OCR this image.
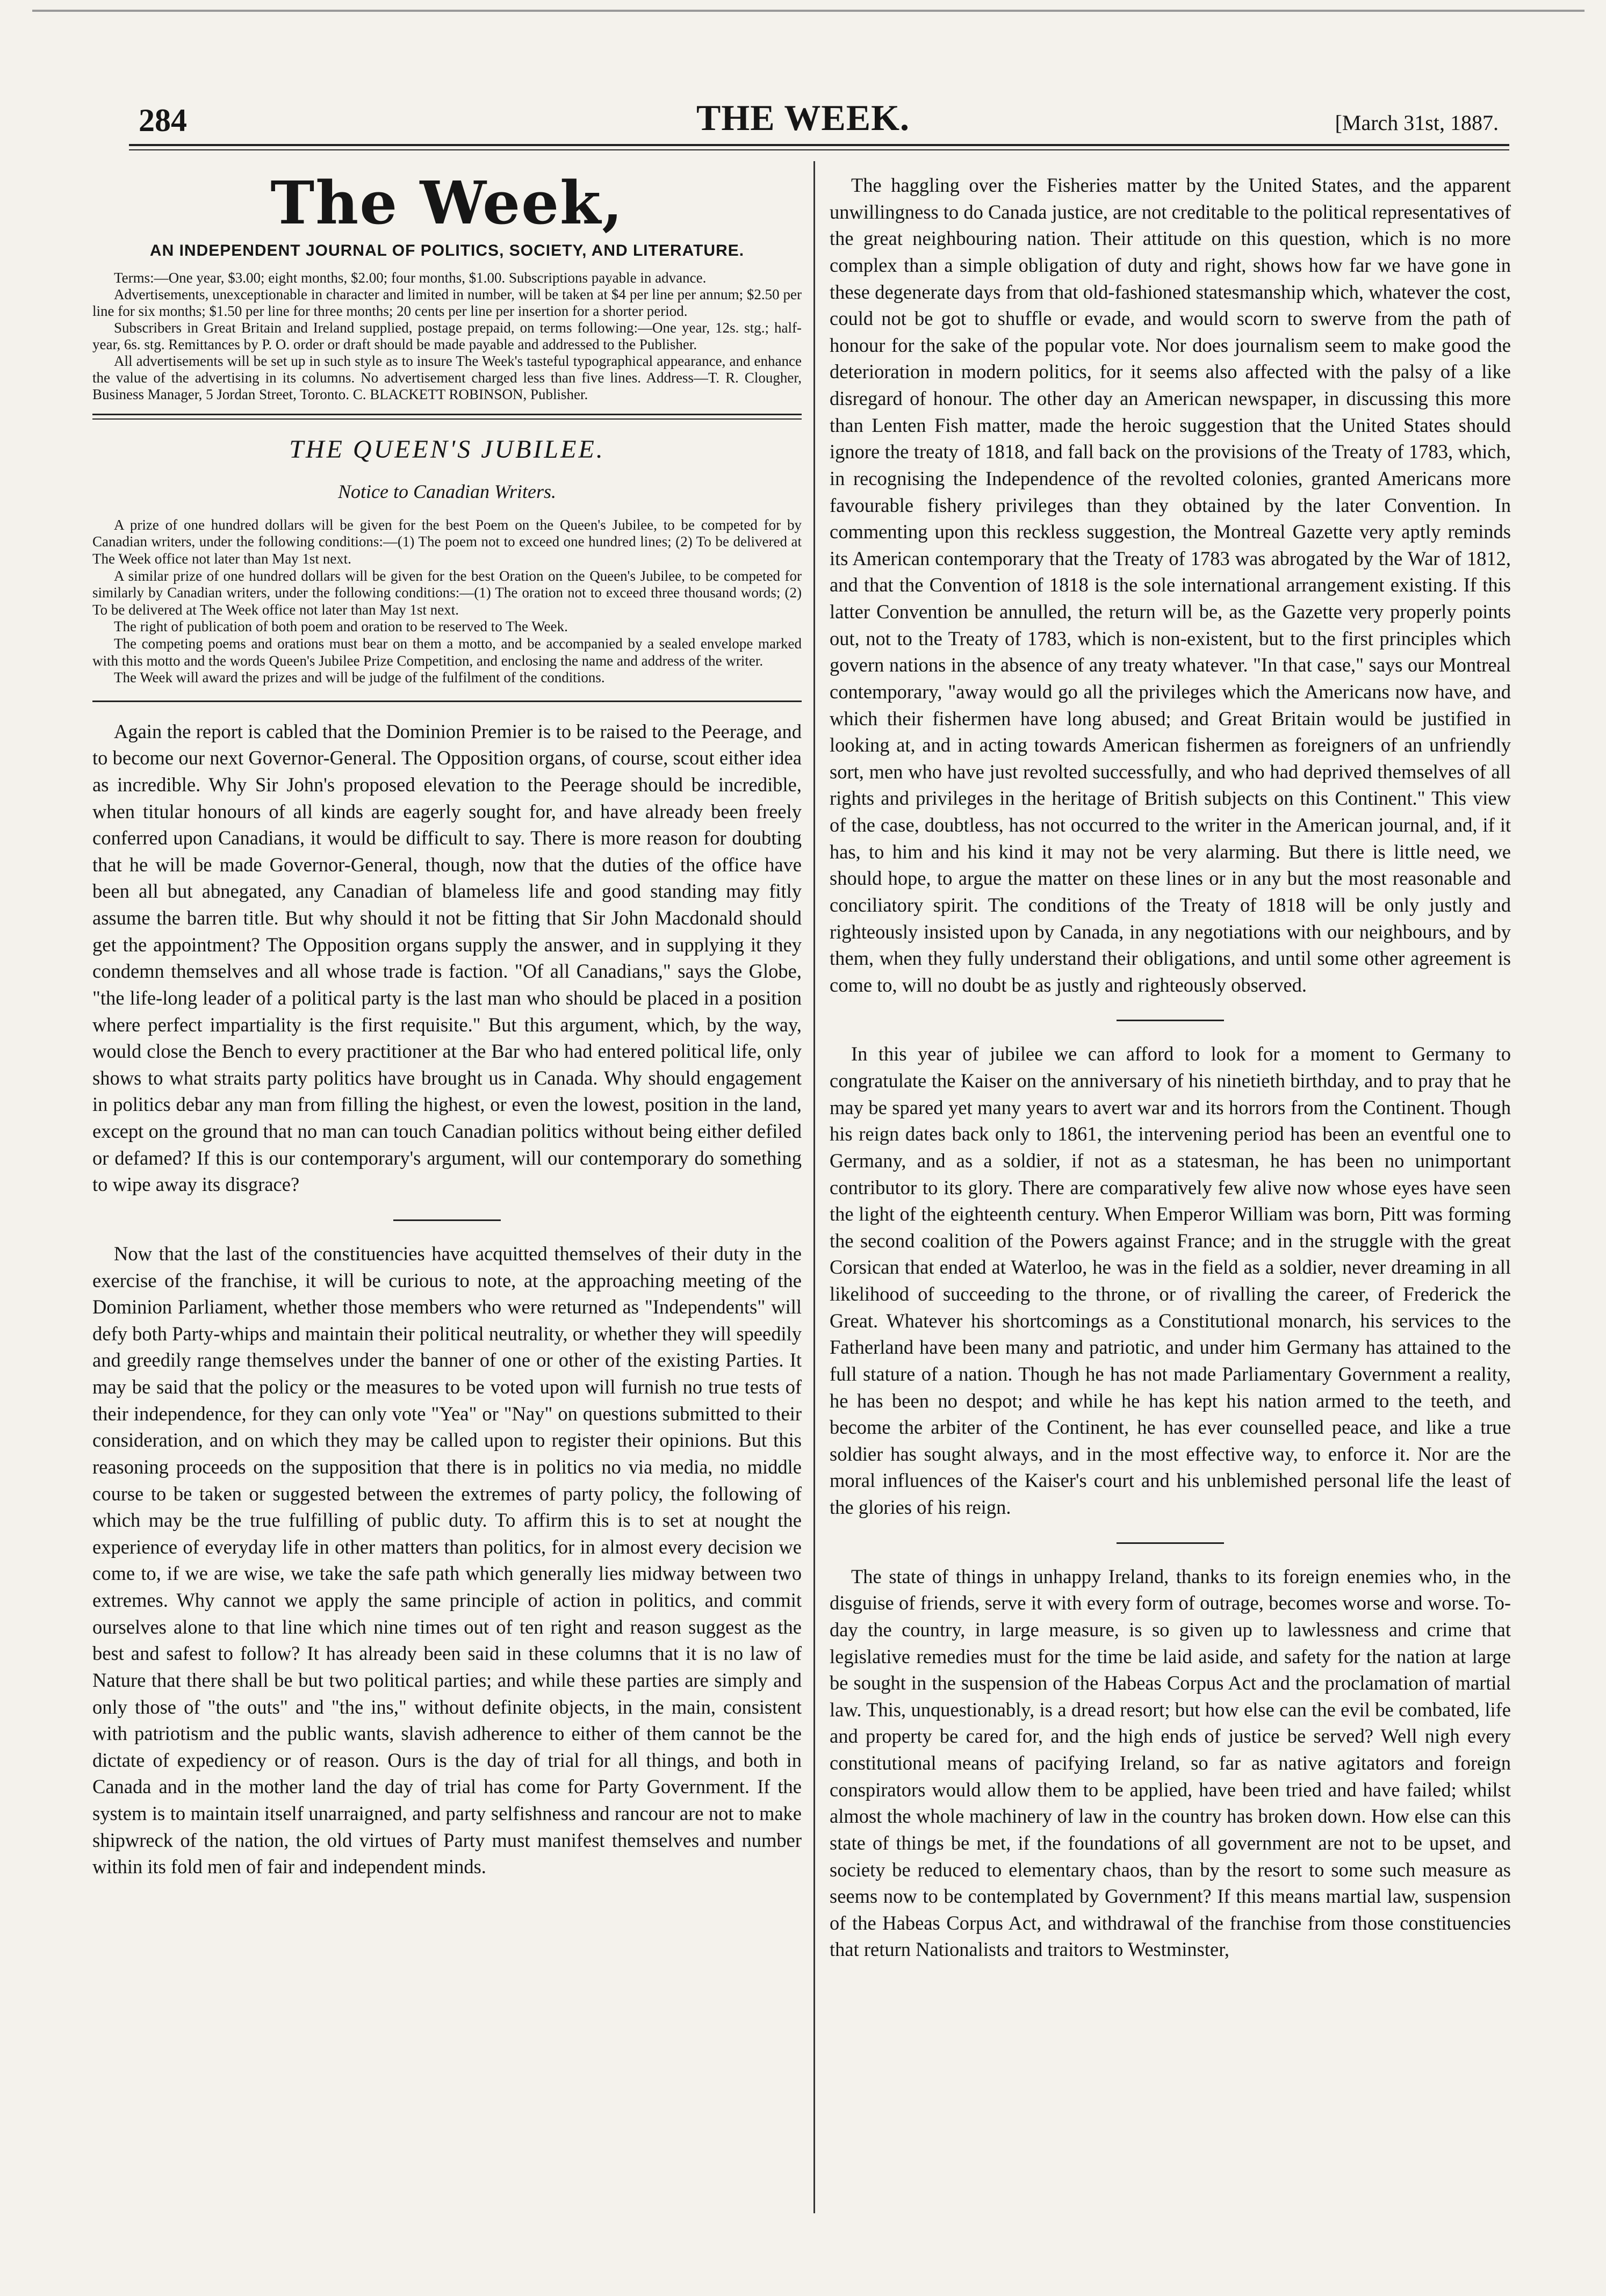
284	THE WEEK.	[March 31st, 1887.
The Week,
AN INDEPENDENT JOURNAL OF POLITICS, SOCIETY, AND LITERATURE.

Terms:—One year, $3.00; eight months, $2.00; four months, $1.00. Subscriptions payable in advance.

Advertisements, unexceptionable in character and limited in number, will be taken at $4 per line per annum; $2.50 per line for six months; $1.50 per line for three months; 20 cents per line per insertion for a shorter period.

Subscribers in Great Britain and Ireland supplied, postage prepaid, on terms following:—One year, 12s. stg.; half-year, 6s. stg. Remittances by P. O. order or draft should be made payable and addressed to the Publisher.

All advertisements will be set up in such style as to insure The Week's tasteful typographical appearance, and enhance the value of the advertising in its columns. No advertisement charged less than five lines. Address—T. R. Clougher, Business Manager, 5 Jordan Street, Toronto. C. BLACKETT ROBINSON, Publisher.

THE QUEEN'S JUBILEE.
Notice to Canadian Writers.

A prize of one hundred dollars will be given for the best Poem on the Queen's Jubilee, to be competed for by Canadian writers, under the following conditions:—(1) The poem not to exceed one hundred lines; (2) To be delivered at The Week office not later than May 1st next.

A similar prize of one hundred dollars will be given for the best Oration on the Queen's Jubilee, to be competed for similarly by Canadian writers, under the following conditions:—(1) The oration not to exceed three thousand words; (2) To be delivered at The Week office not later than May 1st next.

The right of publication of both poem and oration to be reserved to The Week.

The competing poems and orations must bear on them a motto, and be accompanied by a sealed envelope marked with this motto and the words Queen's Jubilee Prize Competition, and enclosing the name and address of the writer.

The Week will award the prizes and will be judge of the fulfilment of the conditions.

Again the report is cabled that the Dominion Premier is to be raised to the Peerage, and to become our next Governor-General. The Opposition organs, of course, scout either idea as incredible. Why Sir John's proposed elevation to the Peerage should be incredible, when titular honours of all kinds are eagerly sought for, and have already been freely conferred upon Canadians, it would be difficult to say. There is more reason for doubting that he will be made Governor-General, though, now that the duties of the office have been all but abnegated, any Canadian of blameless life and good standing may fitly assume the barren title. But why should it not be fitting that Sir John Macdonald should get the appointment? The Opposition organs supply the answer, and in supplying it they condemn themselves and all whose trade is faction. "Of all Canadians," says the Globe, "the life-long leader of a political party is the last man who should be placed in a position where perfect impartiality is the first requisite." But this argument, which, by the way, would close the Bench to every practitioner at the Bar who had entered political life, only shows to what straits party politics have brought us in Canada. Why should engagement in politics debar any man from filling the highest, or even the lowest, position in the land, except on the ground that no man can touch Canadian politics without being either defiled or defamed? If this is our contemporary's argument, will our contemporary do something to wipe away its disgrace?

Now that the last of the constituencies have acquitted themselves of their duty in the exercise of the franchise, it will be curious to note, at the approaching meeting of the Dominion Parliament, whether those members who were returned as "Independents" will defy both Party-whips and maintain their political neutrality, or whether they will speedily and greedily range themselves under the banner of one or other of the existing Parties. It may be said that the policy or the measures to be voted upon will furnish no true tests of their independence, for they can only vote "Yea" or "Nay" on questions submitted to their consideration, and on which they may be called upon to register their opinions. But this reasoning proceeds on the supposition that there is in politics no via media, no middle course to be taken or suggested between the extremes of party policy, the following of which may be the true fulfilling of public duty. To affirm this is to set at nought the experience of everyday life in other matters than politics, for in almost every decision we come to, if we are wise, we take the safe path which generally lies midway between two extremes. Why cannot we apply the same principle of action in politics, and commit ourselves alone to that line which nine times out of ten right and reason suggest as the best and safest to follow? It has already been said in these columns that it is no law of Nature that there shall be but two political parties; and while these parties are simply and only those of "the outs" and "the ins," without definite objects, in the main, consistent with patriotism and the public wants, slavish adherence to either of them cannot be the dictate of expediency or of reason. Ours is the day of trial for all things, and both in Canada and in the mother land the day of trial has come for Party Government. If the system is to maintain itself unarraigned, and party selfishness and rancour are not to make shipwreck of the nation, the old virtues of Party must manifest themselves and number within its fold men of fair and independent minds.

The haggling over the Fisheries matter by the United States, and the apparent unwillingness to do Canada justice, are not creditable to the political representatives of the great neighbouring nation. Their attitude on this question, which is no more complex than a simple obligation of duty and right, shows how far we have gone in these degenerate days from that old-fashioned statesmanship which, whatever the cost, could not be got to shuffle or evade, and would scorn to swerve from the path of honour for the sake of the popular vote. Nor does journalism seem to make good the deterioration in modern politics, for it seems also affected with the palsy of a like disregard of honour. The other day an American newspaper, in discussing this more than Lenten Fish matter, made the heroic suggestion that the United States should ignore the treaty of 1818, and fall back on the provisions of the Treaty of 1783, which, in recognising the Independence of the revolted colonies, granted Americans more favourable fishery privileges than they obtained by the later Convention. In commenting upon this reckless suggestion, the Montreal Gazette very aptly reminds its American contemporary that the Treaty of 1783 was abrogated by the War of 1812, and that the Convention of 1818 is the sole international arrangement existing. If this latter Convention be annulled, the return will be, as the Gazette very properly points out, not to the Treaty of 1783, which is non-existent, but to the first principles which govern nations in the absence of any treaty whatever. "In that case," says our Montreal contemporary, "away would go all the privileges which the Americans now have, and which their fishermen have long abused; and Great Britain would be justified in looking at, and in acting towards American fishermen as foreigners of an unfriendly sort, men who have just revolted successfully, and who had deprived themselves of all rights and privileges in the heritage of British subjects on this Continent." This view of the case, doubtless, has not occurred to the writer in the American journal, and, if it has, to him and his kind it may not be very alarming. But there is little need, we should hope, to argue the matter on these lines or in any but the most reasonable and conciliatory spirit. The conditions of the Treaty of 1818 will be only justly and righteously insisted upon by Canada, in any negotiations with our neighbours, and by them, when they fully understand their obligations, and until some other agreement is come to, will no doubt be as justly and righteously observed.

In this year of jubilee we can afford to look for a moment to Germany to congratulate the Kaiser on the anniversary of his ninetieth birthday, and to pray that he may be spared yet many years to avert war and its horrors from the Continent. Though his reign dates back only to 1861, the intervening period has been an eventful one to Germany, and as a soldier, if not as a statesman, he has been no unimportant contributor to its glory. There are comparatively few alive now whose eyes have seen the light of the eighteenth century. When Emperor William was born, Pitt was forming the second coalition of the Powers against France; and in the struggle with the great Corsican that ended at Waterloo, he was in the field as a soldier, never dreaming in all likelihood of succeeding to the throne, or of rivalling the career, of Frederick the Great. Whatever his shortcomings as a Constitutional monarch, his services to the Fatherland have been many and patriotic, and under him Germany has attained to the full stature of a nation. Though he has not made Parliamentary Government a reality, he has been no despot; and while he has kept his nation armed to the teeth, and become the arbiter of the Continent, he has ever counselled peace, and like a true soldier has sought always, and in the most effective way, to enforce it. Nor are the moral influences of the Kaiser's court and his unblemished personal life the least of the glories of his reign.

The state of things in unhappy Ireland, thanks to its foreign enemies who, in the disguise of friends, serve it with every form of outrage, becomes worse and worse. To-day the country, in large measure, is so given up to lawlessness and crime that legislative remedies must for the time be laid aside, and safety for the nation at large be sought in the suspension of the Habeas Corpus Act and the proclamation of martial law. This, unquestionably, is a dread resort; but how else can the evil be combated, life and property be cared for, and the high ends of justice be served? Well nigh every constitutional means of pacifying Ireland, so far as native agitators and foreign conspirators would allow them to be applied, have been tried and have failed; whilst almost the whole machinery of law in the country has broken down. How else can this state of things be met, if the foundations of all government are not to be upset, and society be reduced to elementary chaos, than by the resort to some such measure as seems now to be contemplated by Government? If this means martial law, suspension of the Habeas Corpus Act, and withdrawal of the franchise from those constituencies that return Nationalists and traitors to Westminster,
